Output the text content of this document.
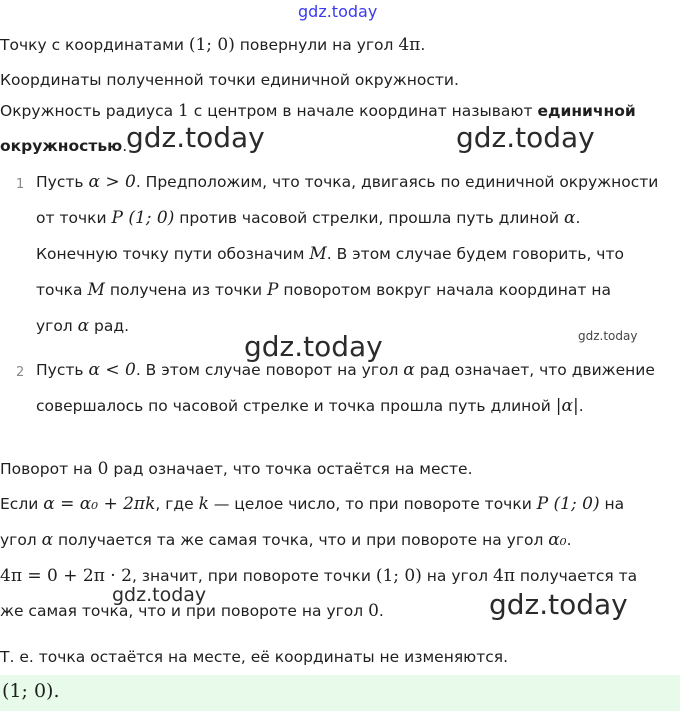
gdz.today
gdz.today	gdz.today
gdz.today	gdz.today
gdz.today	gdz.today
Точку с координатами (1; 0) повернули на угол 4π.
Координаты полученной точки единичной окружности.
Окружность радиуса 1 с центром в начале координат называют единичной
окружностью.
1 Пусть α > 0. Предположим, что точка, двигаясь по единичной окружности
от точки P (1; 0) против часовой стрелки, прошла путь длиной α.
Конечную точку пути обозначим M. В этом случае будем говорить, что
точка M получена из точки P поворотом вокруг начала координат на
угол α рад.
2 Пусть α < 0. В этом случае поворот на угол α рад означает, что движение
совершалось по часовой стрелке и точка прошла путь длиной |α|.
Поворот на 0 рад означает, что точка остаётся на месте.
Если α = α₀ + 2πk, где k — целое число, то при повороте точки P (1; 0) на
угол α получается та же самая точка, что и при повороте на угол α₀.
4π = 0 + 2π · 2, значит, при повороте точки (1; 0) на угол 4π получается та
же самая точка, что и при повороте на угол 0.
Т. е. точка остаётся на месте, её координаты не изменяются.
(1; 0).
